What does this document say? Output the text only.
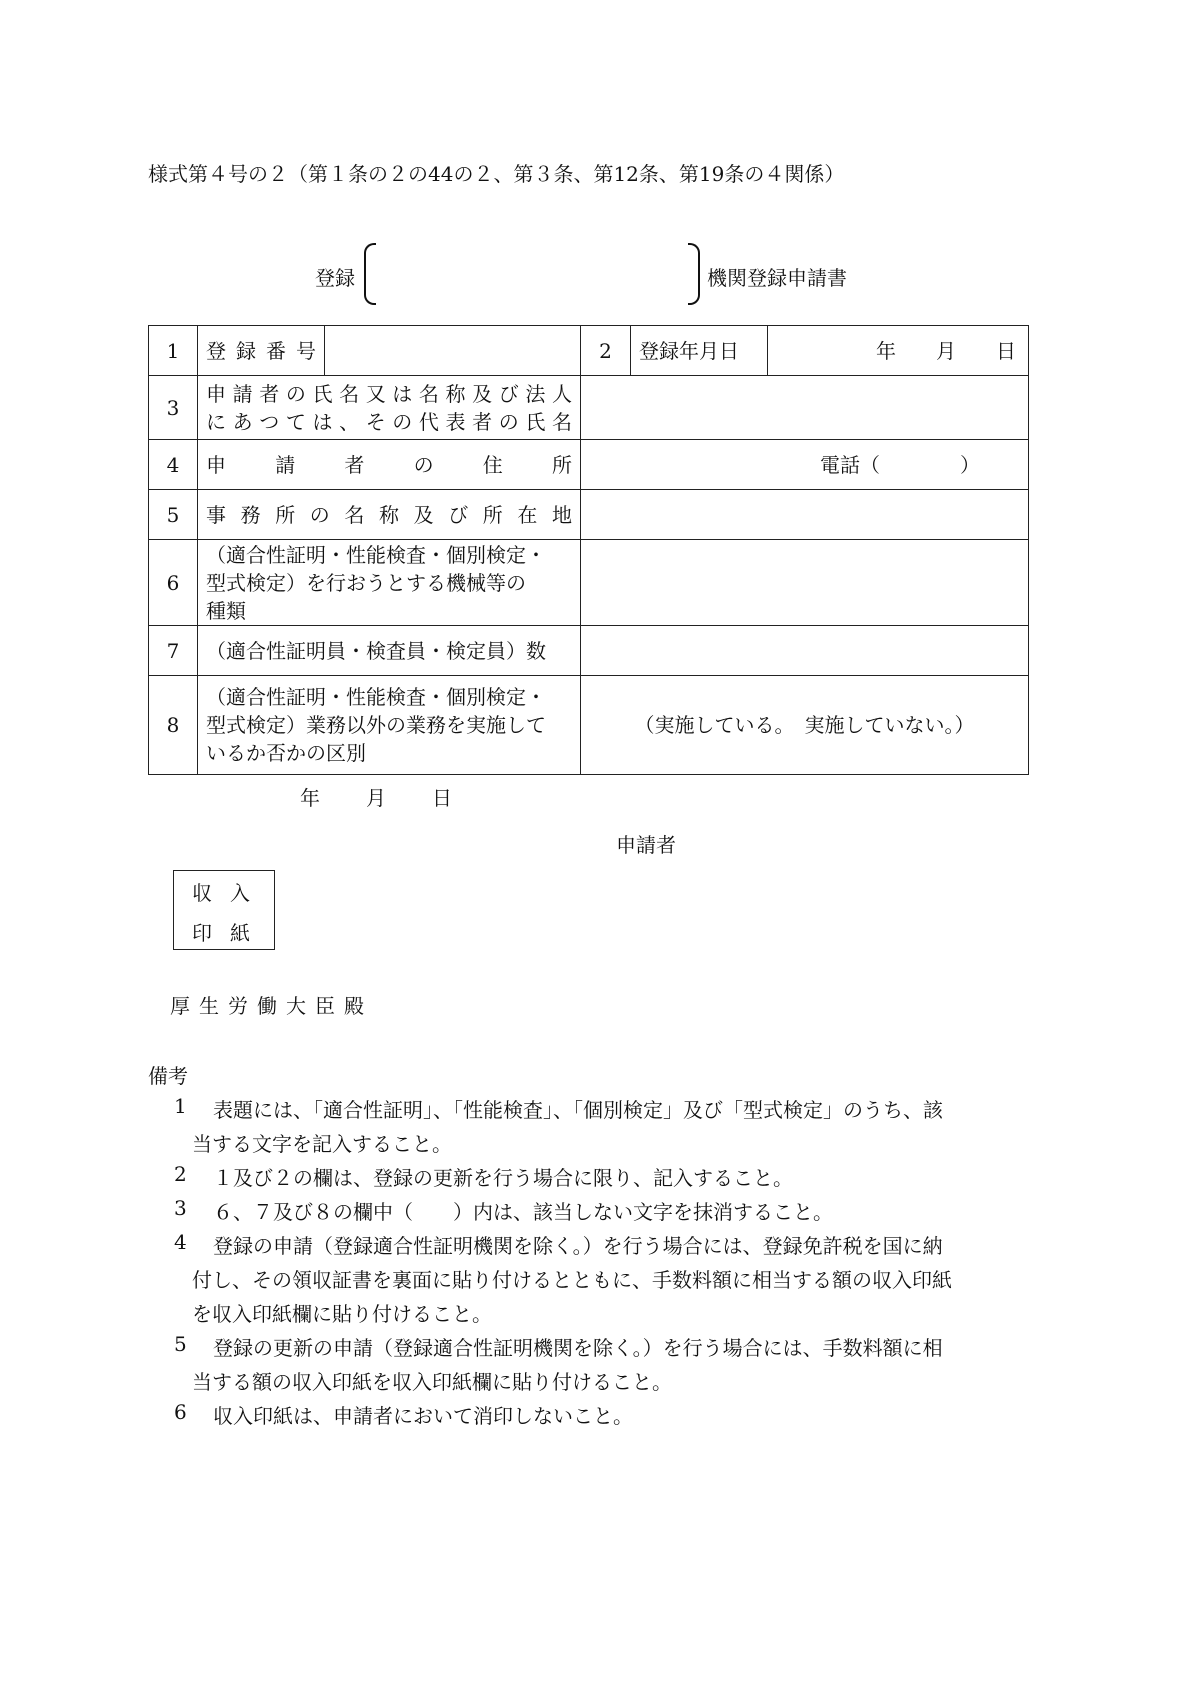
様式第４号の２（第１条の２の44の２、第３条、第12条、第19条の４関係）
登録	機関登録申請書
1	登録番号		2	登録年月日	年 月 日

3	申請者の氏名又は名称及び法人
にあつては、その代表者の氏名				

4	申請者の住所		電話（ ）		

5	事務所の名称及び所在地				
6	（適合性証明・性能検査・個別検定・
型式検定）を行おうとする機械等の
種類				

7	（適合性証明員・検査員・検定員）数				
8	（適合性証明・性能検査・個別検定・
型式検定）業務以外の業務を実施して
いるか否かの区別		（実施している。　実施していない。）		
年 月 日
申請者
収入
印紙
厚生労働大臣殿
備考
1 表題には、「適合性証明」、「性能検査」、「個別検定」及び「型式検定」のうち、該
当する文字を記入すること。
2 １及び２の欄は、登録の更新を行う場合に限り、記入すること。
3 ６、７及び８の欄中（　　）内は、該当しない文字を抹消すること。
4 登録の申請（登録適合性証明機関を除く。）を行う場合には、登録免許税を国に納
付し、その領収証書を裏面に貼り付けるとともに、手数料額に相当する額の収入印紙
を収入印紙欄に貼り付けること。
5 登録の更新の申請（登録適合性証明機関を除く。）を行う場合には、手数料額に相
当する額の収入印紙を収入印紙欄に貼り付けること。
6 収入印紙は、申請者において消印しないこと。
